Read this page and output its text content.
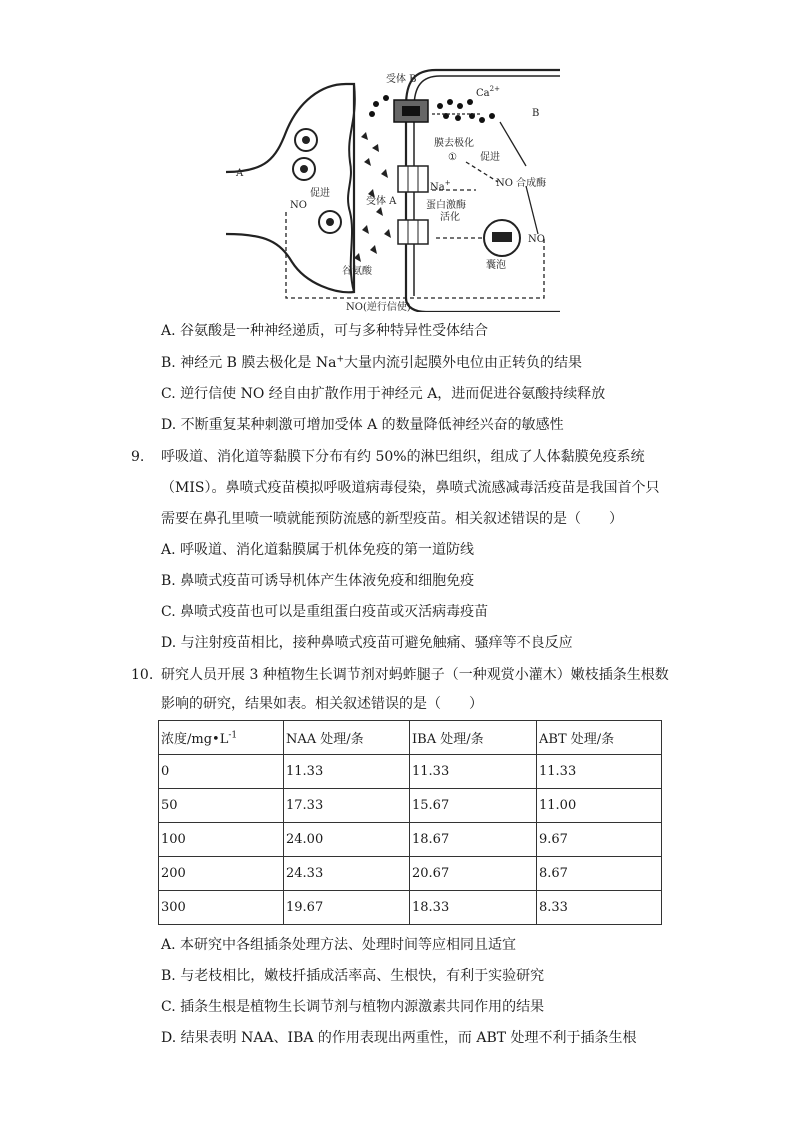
A
B
受体 B
$Ca^{2+}$
膜去极化
① 促进
NO 合成酶
Na+
蛋白激酶
活化
促进
受体 A
NO
NO
囊泡
谷氨酸
NO(逆行信使)
A. 谷氨酸是一种神经递质，可与多种特异性受体结合
B. 神经元 B 膜去极化是 Na+大量内流引起膜外电位由正转负的结果
C. 逆行信使 NO 经自由扩散作用于神经元 A，进而促进谷氨酸持续释放
D. 不断重复某种刺激可增加受体 A 的数量降低神经兴奋的敏感性
9. 呼吸道、消化道等黏膜下分布有约 50%的淋巴组织，组成了人体黏膜免疫系统
（MIS）。鼻喷式疫苗模拟呼吸道病毒侵染，鼻喷式流感减毒活疫苗是我国首个只
需要在鼻孔里喷一喷就能预防流感的新型疫苗。相关叙述错误的是（　　）
A. 呼吸道、消化道黏膜属于机体免疫的第一道防线
B. 鼻喷式疫苗可诱导机体产生体液免疫和细胞免疫
C. 鼻喷式疫苗也可以是重组蛋白疫苗或灭活病毒疫苗
D. 与注射疫苗相比，接种鼻喷式疫苗可避免触痛、骚痒等不良反应
10. 研究人员开展 3 种植物生长调节剂对蚂蚱腿子（一种观赏小灌木）嫩枝插条生根数
影响的研究，结果如表。相关叙述错误的是（　　）
浓度$/mg•L^{-1}$	NAA 处理/条	IBA 处理/条	ABT 处理/条
0	11.33	11.33	11.33
50	17.33	15.67	11.00
100	24.00	18.67	9.67
200	24.33	20.67	8.67
300	19.67	18.33	8.33
A. 本研究中各组插条处理方法、处理时间等应相同且适宜
B. 与老枝相比，嫩枝扦插成活率高、生根快，有利于实验研究
C. 插条生根是植物生长调节剂与植物内源激素共同作用的结果
D. 结果表明 NAA、IBA 的作用表现出两重性，而 ABT 处理不利于插条生根
